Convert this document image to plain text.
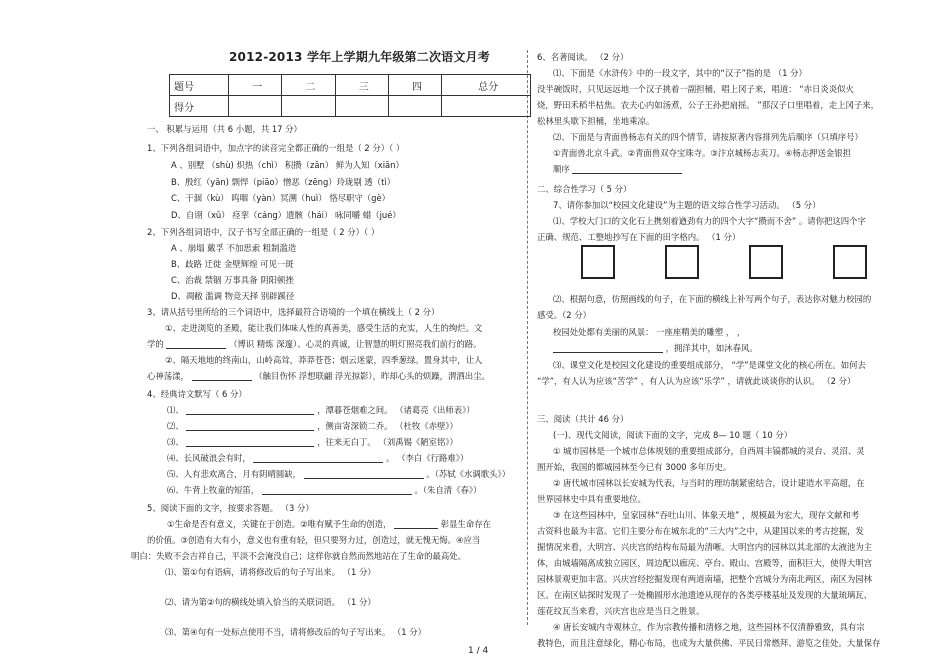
2012-2013 学年上学期九年级第二次语文月考
题号	一	二	三	四	总分
得分					
一、 积累与运用（共 6 小题，共 17 分）
1、下列各组词语中，加点字的读音完全都正确的一组是（ 2 分）（ ）
A 、别墅 （shù) 炽热（chì） 积攒（zǎn） 鲜为人知（xiān）
B、殷红（yān) 剽悍（piāo）憎恶（zēng）玲珑剔 透（tì）
C、干涸（kù） 呜咽（yàn）冥溯（huì） 恪尽职守（gè）
D、自诩（xǔ） 痉挛（cáng）遗骸（hái） 咏同嚼 蜡（jué）
2、下列各组词语中，汉子书写全部正确的一组是（ 2 分）（ ）
A 、崩塌 戴孚 不加思索 粗制滥造
B、歧路 迁徙 金壁辉煌 可见一斑
C、治裁 禁锢 万事具备 阴阳顿挫
D、凋敝 滥调 物竞天择 别辟蹊径
3、请从括号里所给的三个词语中，选择最符合语境的一个填在横线上（ 2 分）
①、走进浏览的圣殿，能让我们体味人性的真善美，感受生活的充实，人生的绚烂。文
学的	（博识 精炼 深邃）、心灵的真诚，让智慧的明灯照亮我们前行的路。
②、隔天地地的终南山，山岭高耸，莽莽苍苍；烟云迷蒙，四季葱绿。置身其中，让人
心神荡漾，	（触目伤怀 浮想联翩 浮光掠影），昨却心头的烦躁，渭洒出尘。
4、经典诗文默写（ 6 分）
⑴、	，潭暮苍烟难之间。 （诸葛亮《出师表》）
⑵、	，侧亩寄深锁二乔。 （杜牧《赤壁》）
⑶、	，往来无白丁。 （刘禹锡《陋室铭》）
⑷、长风破浪会有时，	。 （李白《行路难》）
⑸、人有悲欢离合，月有阴晴圆缺，	。（苏轼《水调歌头》）
⑹、牛背上牧童的短笛，	。（朱自清《春》）
5、阅读下面的文字，按要求答题。 （3 分）
①生命是否有意义，关键在于创造。②唯有赋予生命的创造，	彰显生命存在
的价值。③创造有大有小，意义也有重有轻，但只要努力过，创造过，就无愧无悔。④应当
明白：失败不会吉祥自己，平淡不会淹没自己；这样你就自然而然地站在了生命的最高处。
⑴、第①句有语病，请将修改后的句子写出来。 （1 分）
⑵、请为第②句的横线处填入恰当的关联词语。 （1 分）
⑶、第④句有一处标点使用不当，请将修改后的句子写出来。 （1 分）
6、名著阅读。 （2 分）
⑴、下面是《水浒传》中的一段文字，其中的“汉子”指的是 （1 分）
没半碗饭时，只见远远地一个汉子挑着一副担桶，唱上冈子来，唱道： “赤日炎炎似火
烧，野田禾稻半枯焦。农夫心内如汤煮，公子王孙把扇摇。 ”那汉子口里唱着，走上冈子来，
松林里头歇下担桶，坐地乘凉。
⑵、下面是与青面兽杨志有关的四个情节，请按原著内容排列先后顺序（只填序号）
①青面兽北京斗武。②青面兽双夺宝珠寺。③汴京城杨志卖刀。④杨志押送金银担
顺序
二、综合性学习（ 5 分）
7、请你参加以“校园文化建设”为主题的语文综合性学习活动。 （5 分）
⑴、学校大门口的文化石上携刻着遒劲有力的四个大字“攒而不舍” 。请你把这四个字
正确、规范、工整地抄写在下面的田字格内。 （1 分）
⑵、根据句意，仿照画线的句子，在下面的横线上补写两个句子，表达你对魅力校园的
感受。（2 分）
校园处处都有美丽的风景： 一座座精美的雕塑 ， ，
，拥洋其中，如沐春风。
⑶、课堂文化是校园文化建设的重要组成部分， “学”是课堂文化的核心所在。如何去
“学”，有人认为应该“苦学” ，有人认为应该“乐学” ，请就此谈谈你的认识。 （2 分）
三、阅读（共计 46 分）
(一)、现代文阅读，阅读下面的文字，完成 8— 10 题（ 10 分）
① 城市园林是一个城市总体规划的重要组成部分，自西周丰镐都城的灵台、灵沼、灵
囿开始，我国的都城园林至今已有 3000 多年历史。
② 唐代城市园林以长安城为代表，与当时的理坊制紧密结合，设计建造水平高超，在
世界园林史中具有重要地位。
③ 在这些园林中，皇家园林“吞吐山川、体象天地” ，规模最为宏大，现存文献和考
古资料也最为丰富。它们主要分布在城东北的“三大内”之中，从建国以来的考古挖掘，发
掘情况来看，大明宫、兴庆宫的结构布局最为清晰。大明宫内的园林以其北部的太液池为主
体，由城墙隔离成独立园区，周边配以廊庑、亭台、殿山、宫殿等，面积巨大，使得大明宫
园林景观更加丰富。兴庆宫经挖掘发现有两道南墙，把整个宫城分为南北两区，南区为园林
区。在南区钻探时发现了一处椭圆形水池遗迹从现存的各类亭楼基址及发现的大量琉璃瓦、
莲花纹瓦当来看，兴庆宫也应是当日之胜景。
④ 唐长安城内寺观林立，作为宗教传播和清修之地，这些园林不仅清静雅致，具有宗
教特色，而且注意绿化，精心布局，也成为大量供佛、平民日常燃拜、游览之佳处。大量保存
1 / 4
